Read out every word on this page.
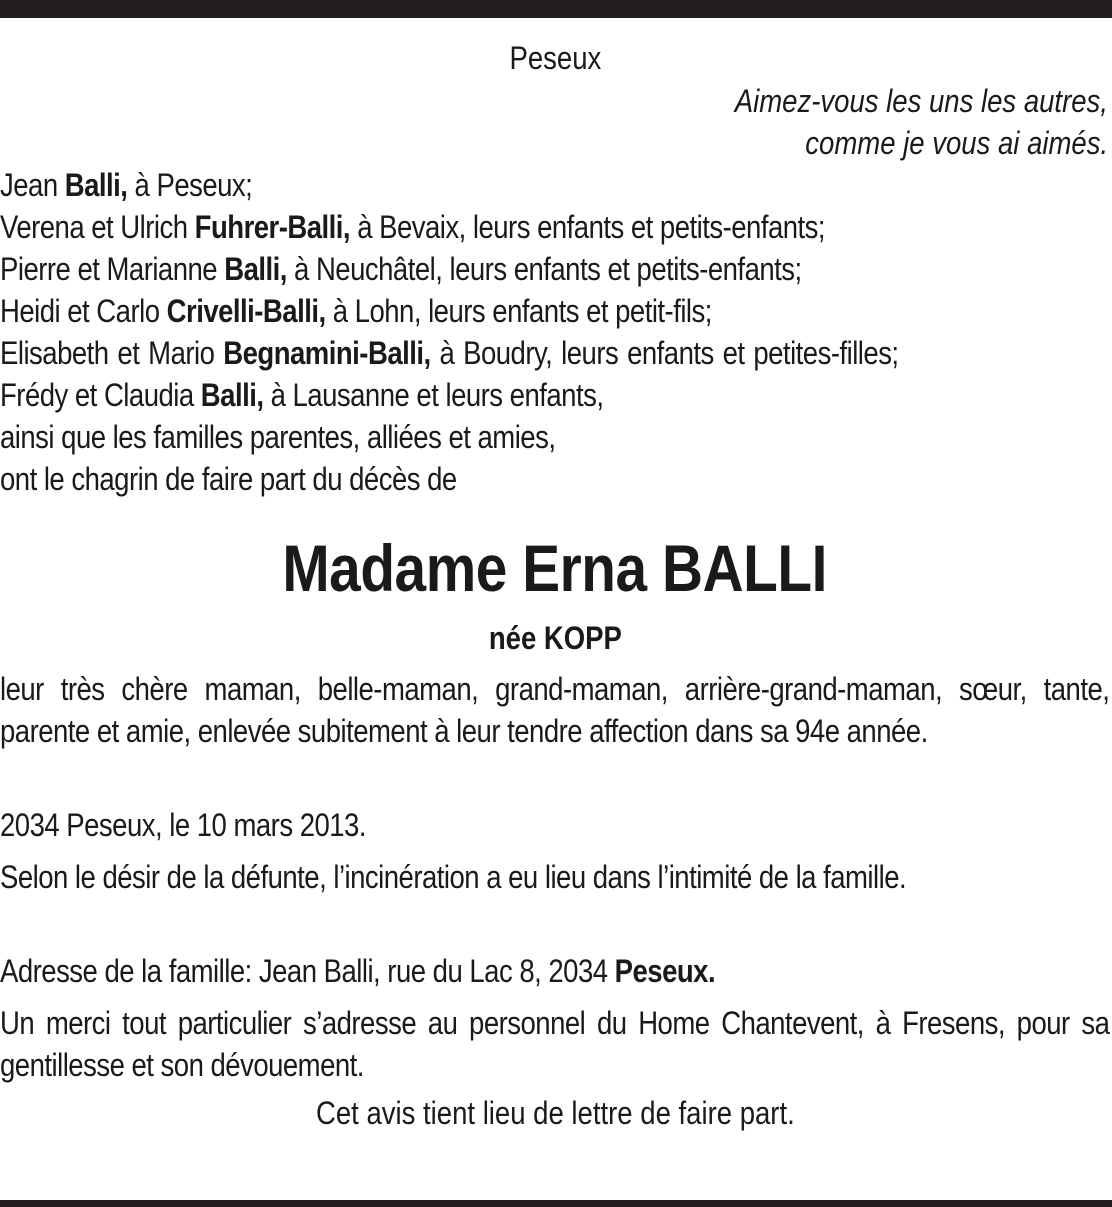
Peseux
Aimez-vous les uns les autres,
comme je vous ai aimés.
Jean Balli, à Peseux;
Verena et Ulrich Fuhrer-Balli, à Bevaix, leurs enfants et petits-enfants;
Pierre et Marianne Balli, à Neuchâtel, leurs enfants et petits-enfants;
Heidi et Carlo Crivelli-Balli, à Lohn, leurs enfants et petit-fils;
Elisabeth et Mario Begnamini-Balli, à Boudry, leurs enfants et petites-filles;
Frédy et Claudia Balli, à Lausanne et leurs enfants,
ainsi que les familles parentes, alliées et amies,
ont le chagrin de faire part du décès de
Madame Erna BALLI
née KOPP
leur très chère maman, belle-maman, grand-maman, arrière-grand-maman, sœur, tante, parente et amie, enlevée subitement à leur tendre affection dans sa 94e année.
2034 Peseux, le 10 mars 2013.
Selon le désir de la défunte, l’incinération a eu lieu dans l’intimité de la famille.
Adresse de la famille: Jean Balli, rue du Lac 8, 2034 Peseux.
Un merci tout particulier s’adresse au personnel du Home Chantevent, à Fresens, pour sa gentillesse et son dévouement.
Cet avis tient lieu de lettre de faire part.
